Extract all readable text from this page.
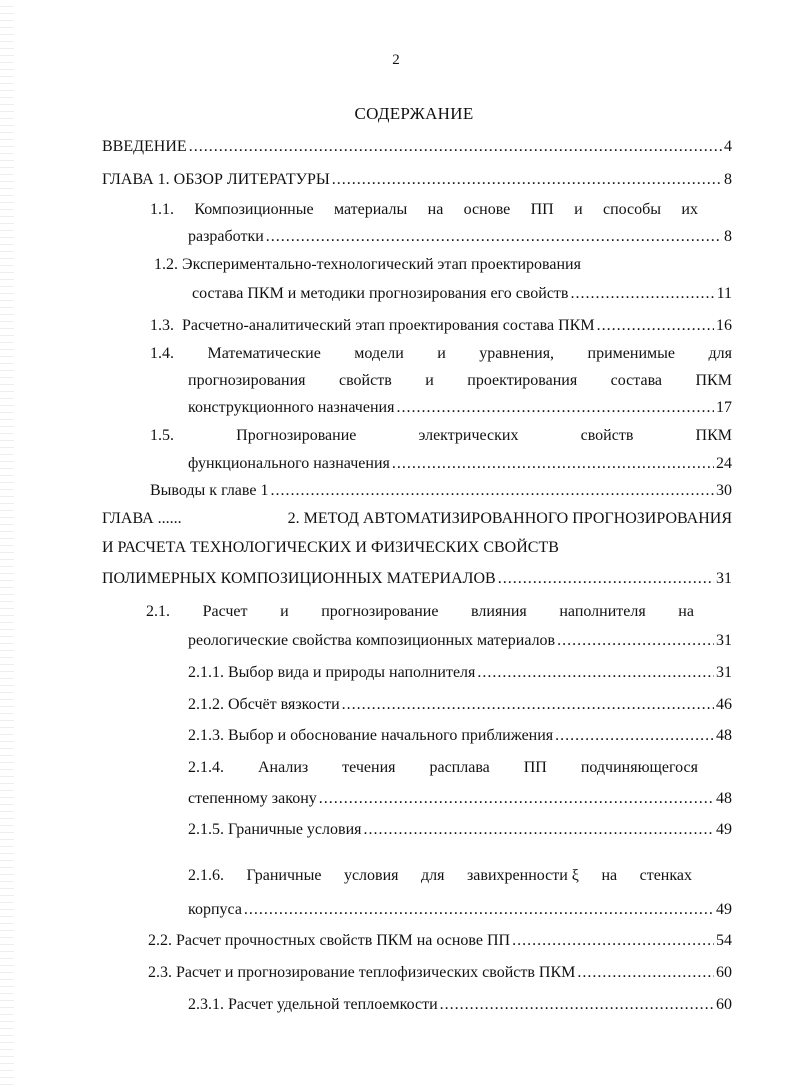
2
СОДЕРЖАНИЕ
ВВЕДЕНИЕ .....	4
ГЛАВА 1. ОБЗОР ЛИТЕРАТУРЫ .....	8
1.1. Композиционные материалы на основе ПП и способы их
разработки .....	8
1.2. Экспериментально-технологический этап проектирования
состава ПКМ и методики прогнозирования его свойств .....	11
1.3. Расчетно-аналитический этап проектирования состава ПКМ .....	16
1.4. Математические модели и уравнения, применимые для
прогнозирования свойств и проектирования состава ПКМ
конструкционного назначения .....	17
1.5.	Прогнозирование	электрических	свойств	ПКМ
функционального назначения .....	24
Выводы к главе 1 .....	30
ГЛАВА ......	2. МЕТОД АВТОМАТИЗИРОВАННОГО ПРОГНОЗИРОВАНИЯ
И РАСЧЕТА ТЕХНОЛОГИЧЕСКИХ И ФИЗИЧЕСКИХ СВОЙСТВ
ПОЛИМЕРНЫХ КОМПОЗИЦИОННЫХ МАТЕРИАЛОВ .....	31
2.1. Расчет и прогнозирование влияния наполнителя на
реологические свойства композиционных материалов .....	31
2.1.1. Выбор вида и природы наполнителя .....	31
2.1.2. Обсчёт вязкости .....	46
2.1.3. Выбор и обоснование начального приближения .....	48
2.1.4. Анализ течения расплава ПП подчиняющегося
степенному закону .....	48
2.1.5. Граничные условия .....	49
2.1.6. Граничные условия для завихренности ξ на стенках
корпуса .....	49
2.2. Расчет прочностных свойств ПКМ на основе ПП .....	54
2.3. Расчет и прогнозирование теплофизических свойств ПКМ .....	60
2.3.1. Расчет удельной теплоемкости .....	60
